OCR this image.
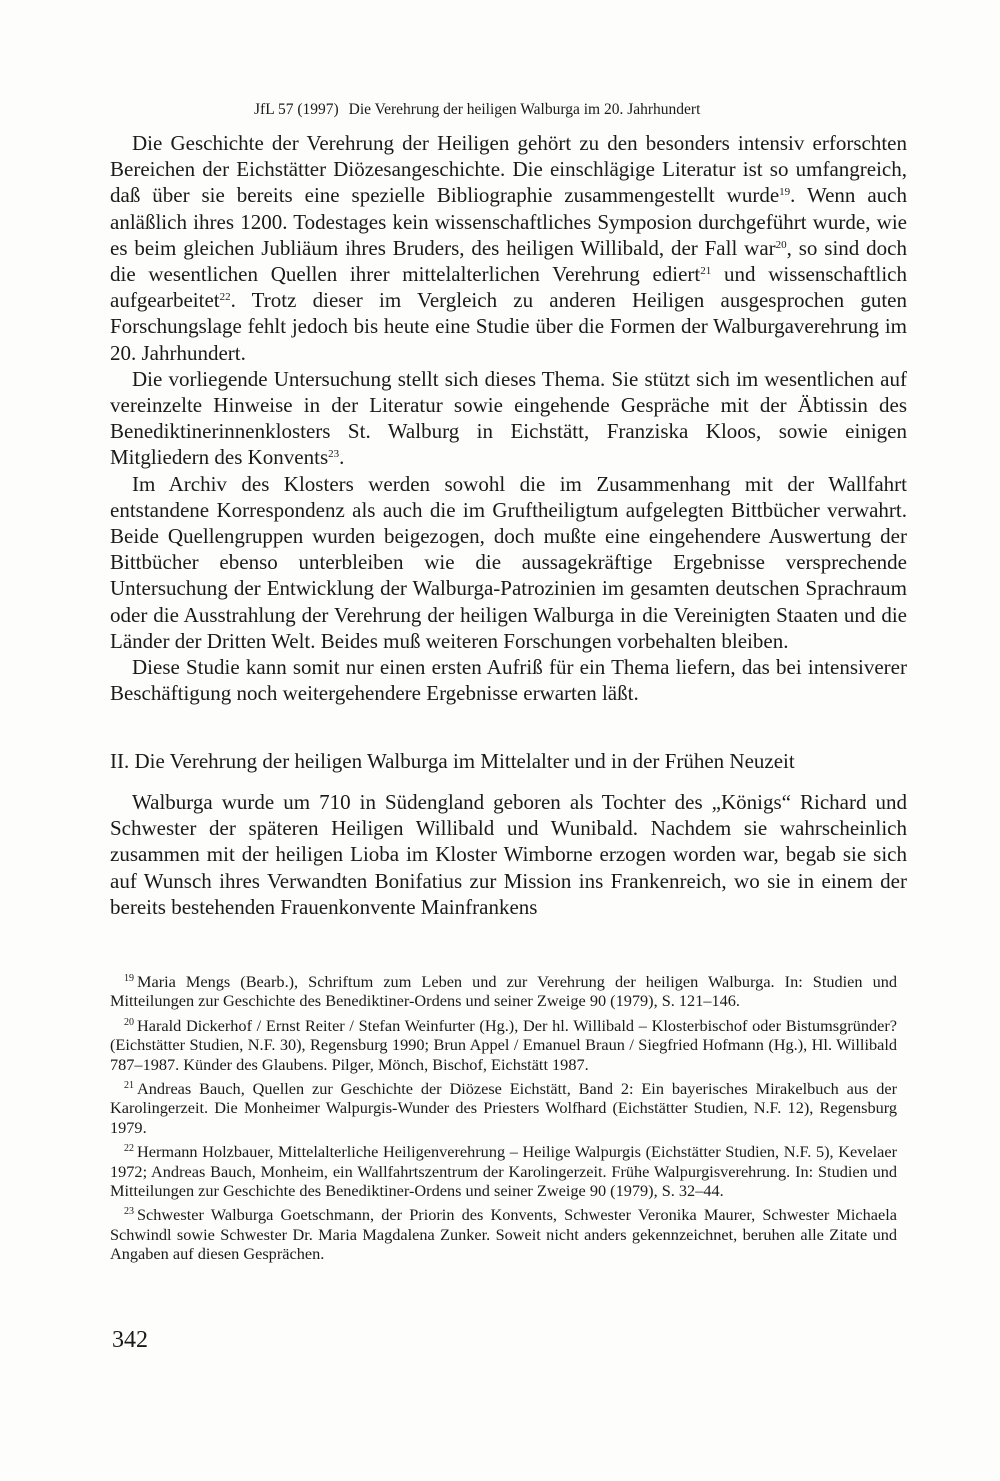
JfL 57 (1997) Die Verehrung der heiligen Walburga im 20. Jahrhundert

Die Geschichte der Verehrung der Heiligen gehört zu den besonders intensiv erforschten Bereichen der Eichstätter Diözesangeschichte. Die einschlägige Literatur ist so umfangreich, daß über sie bereits eine spezielle Bibliographie zusammengestellt wurde$^{19}$. Wenn auch anläßlich ihres 1200. Todestages kein wissenschaftliches Symposion durchgeführt wurde, wie es beim gleichen Jubliäum ihres Bruders, des heiligen Willibald, der Fall war$^{20}$, so sind doch die wesentlichen Quellen ihrer mittelalterlichen Verehrung ediert$^{21}$ und wissenschaftlich aufgearbeitet$^{22}$. Trotz dieser im Vergleich zu anderen Heiligen ausgesprochen guten Forschungslage fehlt jedoch bis heute eine Studie über die Formen der Walburgaverehrung im 20. Jahrhundert.

Die vorliegende Untersuchung stellt sich dieses Thema. Sie stützt sich im wesentlichen auf vereinzelte Hinweise in der Literatur sowie eingehende Gespräche mit der Äbtissin des Benediktinerinnenklosters St. Walburg in Eichstätt, Franziska Kloos, sowie einigen Mitgliedern des Konvents$^{23}$.

Im Archiv des Klosters werden sowohl die im Zusammenhang mit der Wallfahrt entstandene Korrespondenz als auch die im Gruftheiligtum aufgelegten Bittbücher verwahrt. Beide Quellengruppen wurden beigezogen, doch mußte eine eingehendere Auswertung der Bittbücher ebenso unterbleiben wie die aussagekräftige Ergebnisse versprechende Untersuchung der Entwicklung der Walburga-Patrozinien im gesamten deutschen Sprachraum oder die Ausstrahlung der Verehrung der heiligen Walburga in die Vereinigten Staaten und die Länder der Dritten Welt. Beides muß weiteren Forschungen vorbehalten bleiben.

Diese Studie kann somit nur einen ersten Aufriß für ein Thema liefern, das bei intensiverer Beschäftigung noch weitergehendere Ergebnisse erwarten läßt.

II. Die Verehrung der heiligen Walburga im Mittelalter und in der Frühen Neuzeit

Walburga wurde um 710 in Südengland geboren als Tochter des „Königs“ Richard und Schwester der späteren Heiligen Willibald und Wunibald. Nachdem sie wahrscheinlich zusammen mit der heiligen Lioba im Kloster Wimborne erzogen worden war, begab sie sich auf Wunsch ihres Verwandten Bonifatius zur Mission ins Frankenreich, wo sie in einem der bereits bestehenden Frauenkonvente Mainfrankens

$^{19}$ Maria Mengs (Bearb.), Schriftum zum Leben und zur Verehrung der heiligen Walburga. In: Studien und Mitteilungen zur Geschichte des Benediktiner-Ordens und seiner Zweige 90 (1979), S. 121–146.

$^{20}$ Harald Dickerhof / Ernst Reiter / Stefan Weinfurter (Hg.), Der hl. Willibald – Klosterbischof oder Bistumsgründer? (Eichstätter Studien, N.F. 30), Regensburg 1990; Brun Appel / Emanuel Braun / Siegfried Hofmann (Hg.), Hl. Willibald 787–1987. Künder des Glaubens. Pilger, Mönch, Bischof, Eichstätt 1987.

$^{21}$ Andreas Bauch, Quellen zur Geschichte der Diözese Eichstätt, Band 2: Ein bayerisches Mirakelbuch aus der Karolingerzeit. Die Monheimer Walpurgis-Wunder des Priesters Wolfhard (Eichstätter Studien, N.F. 12), Regensburg 1979.

$^{22}$ Hermann Holzbauer, Mittelalterliche Heiligenverehrung – Heilige Walpurgis (Eichstätter Studien, N.F. 5), Kevelaer 1972; Andreas Bauch, Monheim, ein Wallfahrtszentrum der Karolingerzeit. Frühe Walpurgisverehrung. In: Studien und Mitteilungen zur Geschichte des Benediktiner-Ordens und seiner Zweige 90 (1979), S. 32–44.

$^{23}$ Schwester Walburga Goetschmann, der Priorin des Konvents, Schwester Veronika Maurer, Schwester Michaela Schwindl sowie Schwester Dr. Maria Magdalena Zunker. Soweit nicht anders gekennzeichnet, beruhen alle Zitate und Angaben auf diesen Gesprächen.

342
